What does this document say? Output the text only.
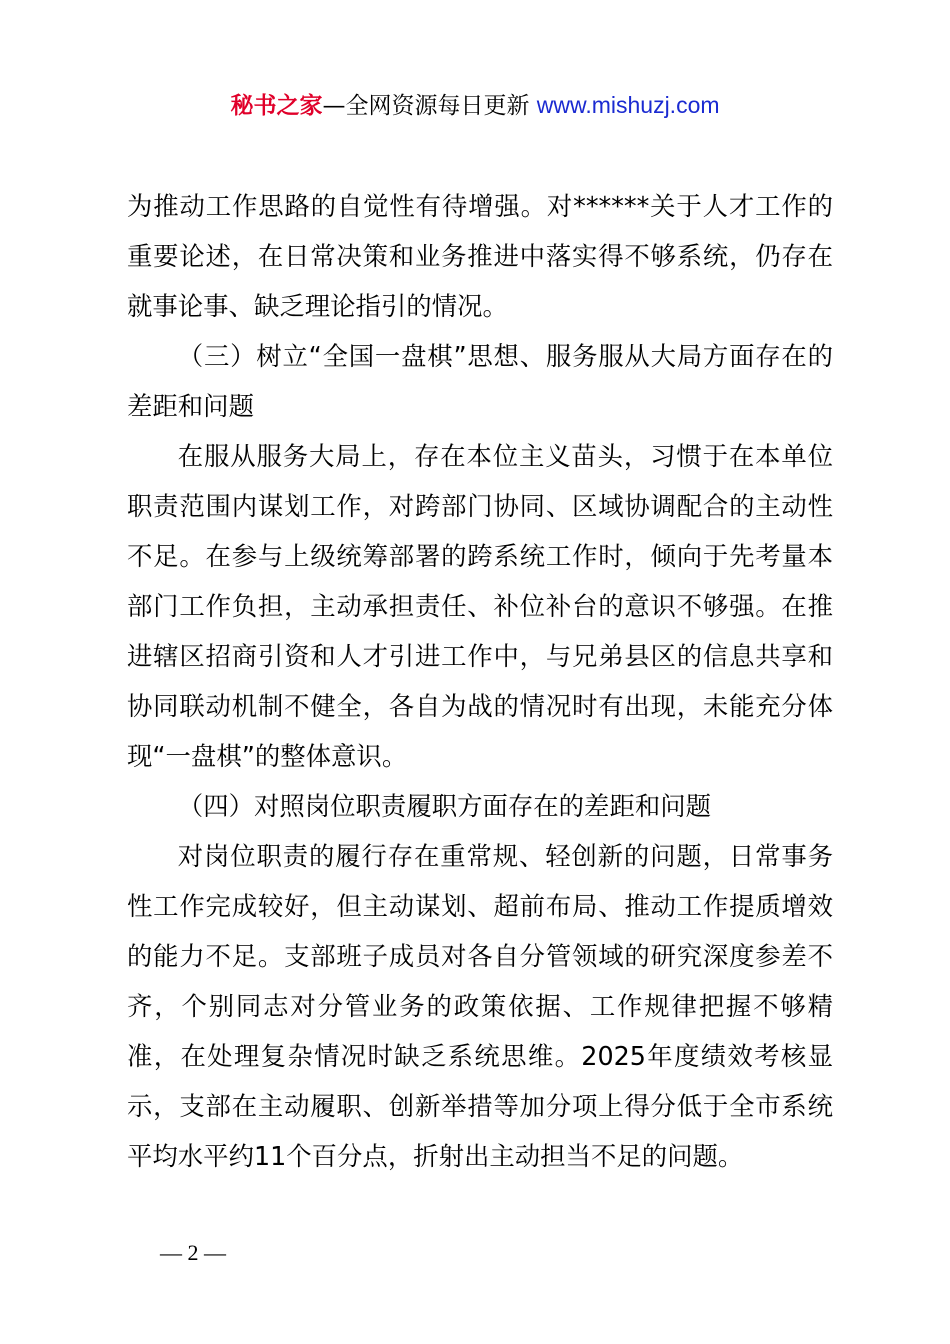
秘书之家—全网资源每日更新 www.mishuzj.com

为推动工作思路的自觉性有待增强。对******关于人才工作的重要论述，在日常决策和业务推进中落实得不够系统，仍存在就事论事、缺乏理论指引的情况。

（三）树立“全国一盘棋”思想、服务服从大局方面存在的差距和问题

在服从服务大局上，存在本位主义苗头，习惯于在本单位职责范围内谋划工作，对跨部门协同、区域协调配合的主动性不足。在参与上级统筹部署的跨系统工作时，倾向于先考量本部门工作负担，主动承担责任、补位补台的意识不够强。在推进辖区招商引资和人才引进工作中，与兄弟县区的信息共享和协同联动机制不健全，各自为战的情况时有出现，未能充分体现“一盘棋”的整体意识。

（四）对照岗位职责履职方面存在的差距和问题

对岗位职责的履行存在重常规、轻创新的问题，日常事务性工作完成较好，但主动谋划、超前布局、推动工作提质增效的能力不足。支部班子成员对各自分管领域的研究深度参差不齐，个别同志对分管业务的政策依据、工作规律把握不够精准，在处理复杂情况时缺乏系统思维。2025年度绩效考核显示，支部在主动履职、创新举措等加分项上得分低于全市系统平均水平约11个百分点，折射出主动担当不足的问题。

— 2 —
